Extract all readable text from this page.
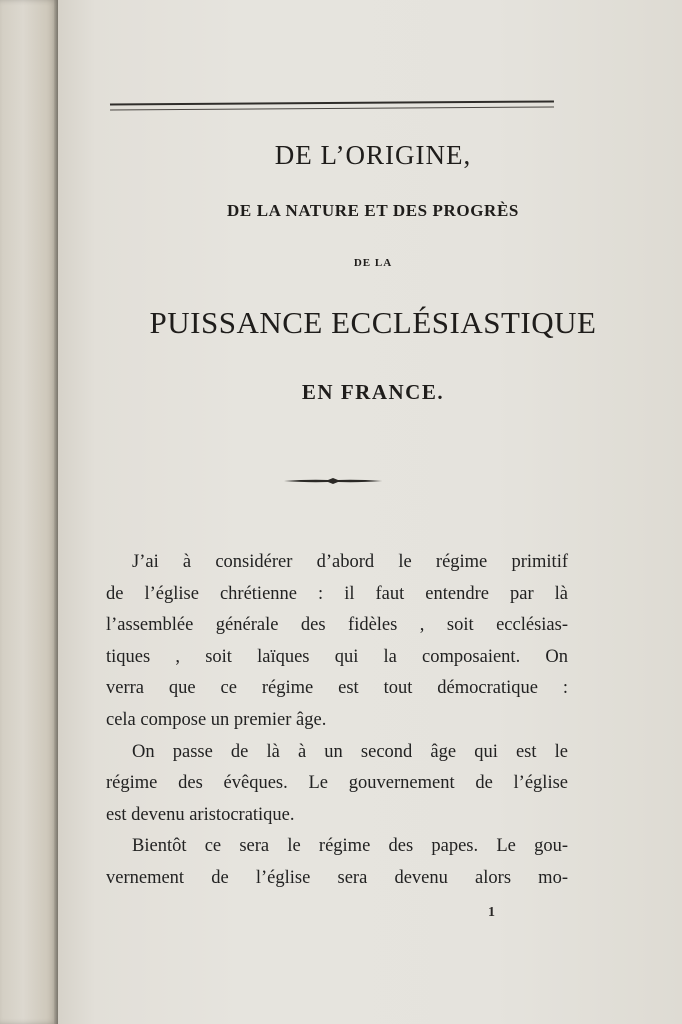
DE L’ORIGINE,
DE LA NATURE ET DES PROGRÈS
DE LA
PUISSANCE ECCLÉSIASTIQUE
EN FRANCE.
J’ai à considérer d’abord le régime primitif
de l’église chrétienne : il faut entendre par là
l’assemblée générale des fidèles , soit ecclésias-
tiques , soit laïques qui la composaient. On
verra que ce régime est tout démocratique :
cela compose un premier âge.
On passe de là à un second âge qui est le
régime des évêques. Le gouvernement de l’église
est devenu aristocratique.
Bientôt ce sera le régime des papes. Le gou-
vernement de l’église sera devenu alors mo-
1
